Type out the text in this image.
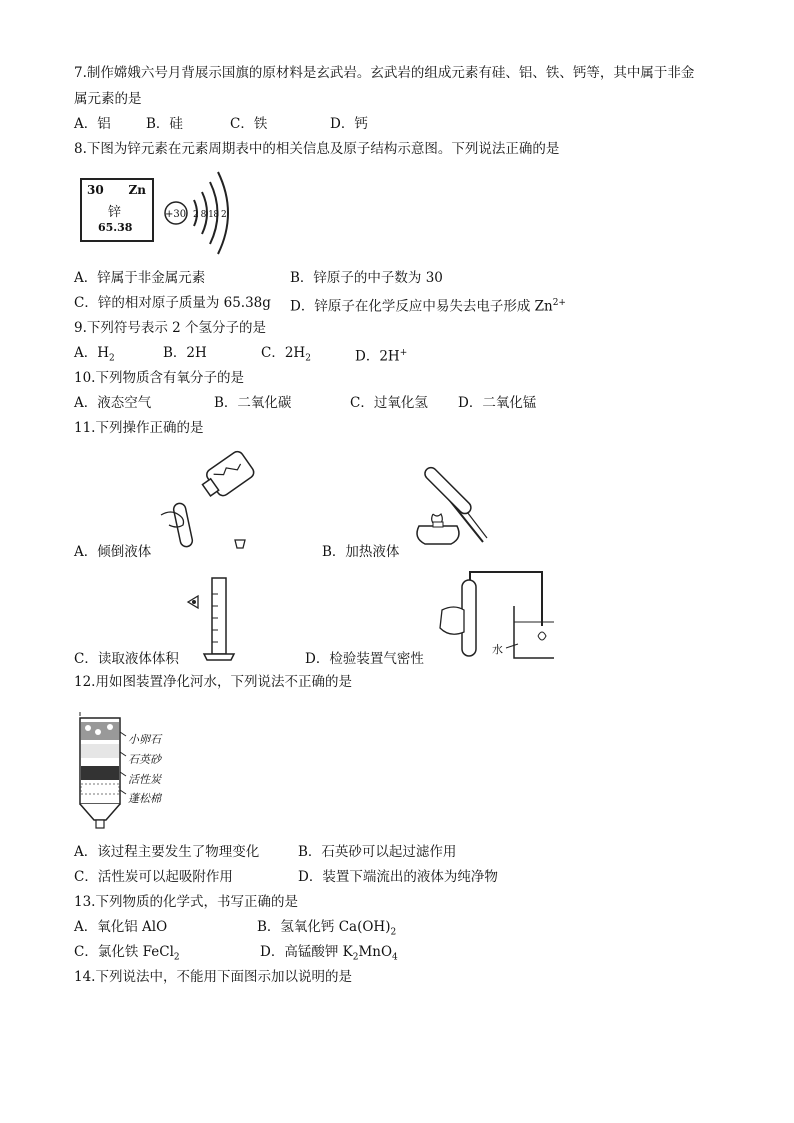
7.制作嫦娥六号月背展示国旗的原材料是玄武岩。玄武岩的组成元素有硅、铝、铁、钙等，其中属于非金
属元素的是
A．铝	B．硅	C．铁	D．钙
8.下图为锌元素在元素周期表中的相关信息及原子结构示意图。下列说法正确的是
30 Zn
锌
65.38
+30 2 8 18 2
A．锌属于非金属元素	B．锌原子的中子数为 30
C．锌的相对原子质量为 65.38g D．锌原子在化学反应中易失去电子形成 $Zn^{2+}$
9.下列符号表示 2 个氢分子的是
A．$H_2$	B．2H	C．$2H_2$	D．2H+
10.下列物质含有氧分子的是
A．液态空气	B．二氧化碳	C．过氧化氢 D．二氧化锰
11.下列操作正确的是
A．倾倒液体	B．加热液体
C．读取液体体积
水
D．检验装置气密性
12.用如图装置净化河水，下列说法不正确的是
小卵石
石英砂
活性炭
蓬松棉
A．该过程主要发生了物理变化	B．石英砂可以起过滤作用
C．活性炭可以起吸附作用	D．装置下端流出的液体为纯净物
13.下列物质的化学式，书写正确的是
A．氧化铝 AlO	B．氢氧化钙 $Ca(OH)_2$
C．氯化铁 FeCl$_2$	D．高锰酸钾 $K_2MnO_4$
14.下列说法中，不能用下面图示加以说明的是
